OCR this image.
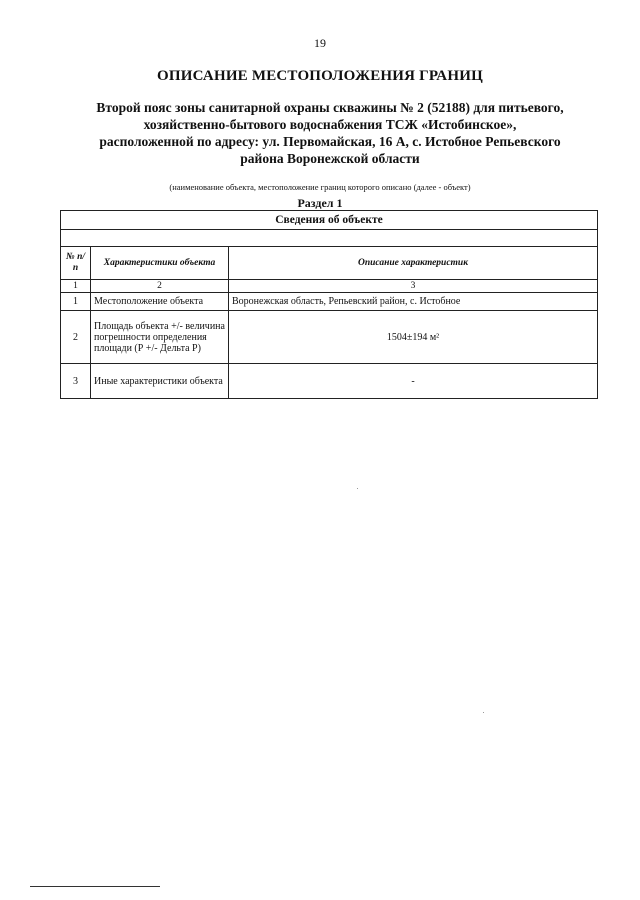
19
ОПИСАНИЕ МЕСТОПОЛОЖЕНИЯ ГРАНИЦ
Второй пояс зоны санитарной охраны скважины № 2 (52188) для питьевого,
хозяйственно-бытового водоснабжения ТСЖ «Истобинское»,
расположенной по адресу: ул. Первомайская, 16 А, с. Истобное Репьевского
района Воронежской области
(наименование объекта, местоположение границ которого описано (далее - объект)
Раздел 1
Сведения об объекте		

№ п/п	Характеристики объекта	Описание характеристик
1	2	3
1	Местоположение объекта	Воронежская область, Репьевский район, с. Истобное
2	Площадь объекта +/- величина погрешности определения площади (Р +/- Дельта Р)	1504±194 м²
3	Иные характеристики объекта	-
